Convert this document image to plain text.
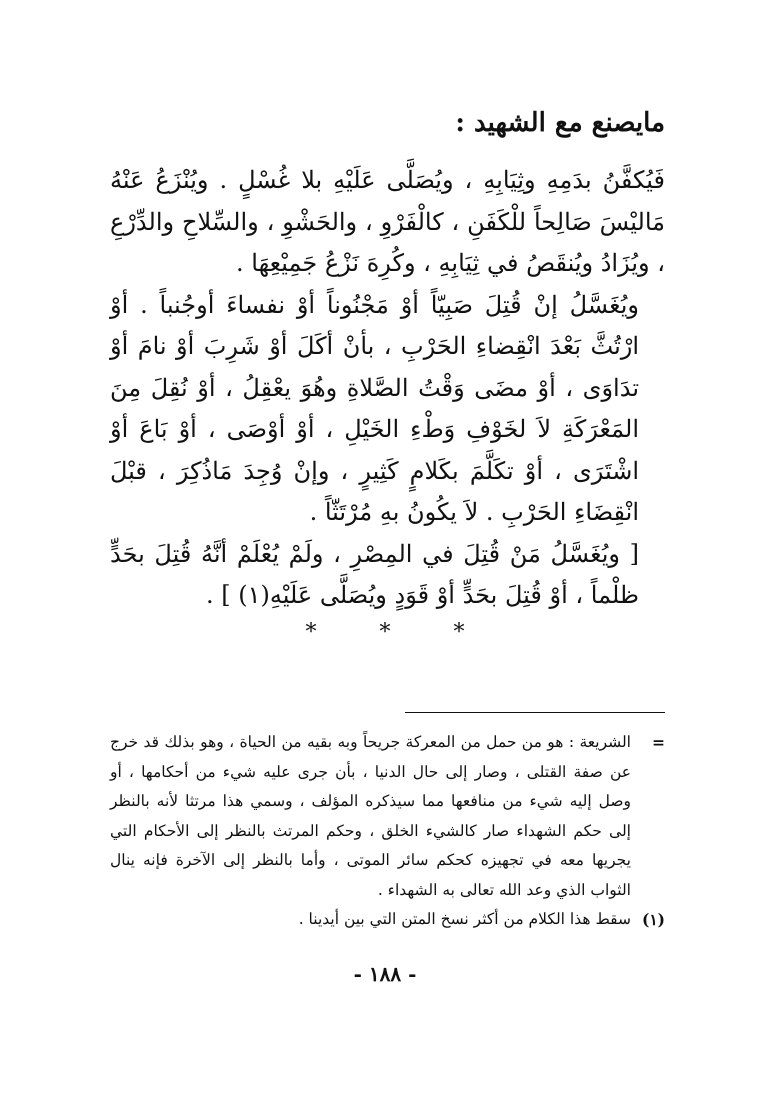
مايصنع مع الشهيد :

فَيُكفَّنُ بدَمِهِ وثِيَابِهِ ، ويُصَلَّى عَلَيْهِ بلا غُسْلٍ . ويُنْزَعُ عَنْهُ مَاليْسَ صَالِحاً للْكَفَنِ ، كالْفَرْوِ ، والحَشْوِ ، والسِّلاحِ والدِّرْعِ ، ويُزَادُ ويُنقَصُ في ثِيَابِهِ ، وكُرِهَ نَزْعُ جَمِيْعِهَا .

ويُغَسَّلُ إنْ قُتِلَ صَبِيّاً أوْ مَجْنُوناً أوْ نفساءَ أوجُنباً . أوْ ارْتُثَّ بَعْدَ انْقِضاءِ الحَرْبِ ، بأنْ أكَلَ أوْ شَرِبَ أوْ نامَ أوْ تدَاوَى ، أوْ مضَى وَقْتُ الصَّلاةِ وهُوَ يعْقِلُ ، أوْ نُقِلَ مِنَ المَعْرَكَةِ لاَ لخَوْفِ وَطْءِ الخَيْلِ ، أوْ أوْصَى ، أوْ بَاعَ أوْ اشْتَرَى ، أوْ تكَلَّمَ بكَلامٍ كَثِيرٍ ، وإنْ وُجِدَ مَاذُكِرَ ، قبْلَ انْقِضَاءِ الحَرْبِ . لاَ يكُونُ بهِ مُرْتَثّاً .

[ ويُغَسَّلُ مَنْ قُتِلَ في المِصْرِ ، ولَمْ يُعْلَمْ أنَّهُ قُتِلَ بحَدٍّ ظلْماً ، أوْ قُتِلَ بحَدٍّ أوْ قَوَدٍ ويُصَلَّى عَلَيْهِ(١) ] .

*	*	*
=
الشريعة : هو من حمل من المعركة جريحاً وبه بقيه من الحياة ، وهو بذلك قد خرج عن صفة القتلى ، وصار إلى حال الدنيا ، بأن جرى عليه شيء من أحكامها ، أو وصل إليه شيء من منافعها مما سيذكره المؤلف ، وسمي هذا مرتثا لأنه بالنظر إلى حكم الشهداء صار كالشيء الخلق ، وحكم المرتث بالنظر إلى الأحكام التي يجريها معه في تجهيزه كحكم سائر الموتى ، وأما بالنظر إلى الآخرة فإنه ينال الثواب الذي وعد الله تعالى به الشهداء .
(١)
سقط هذا الكلام من أكثر نسخ المتن التي بين أيدينا .
- ١٨٨ -
